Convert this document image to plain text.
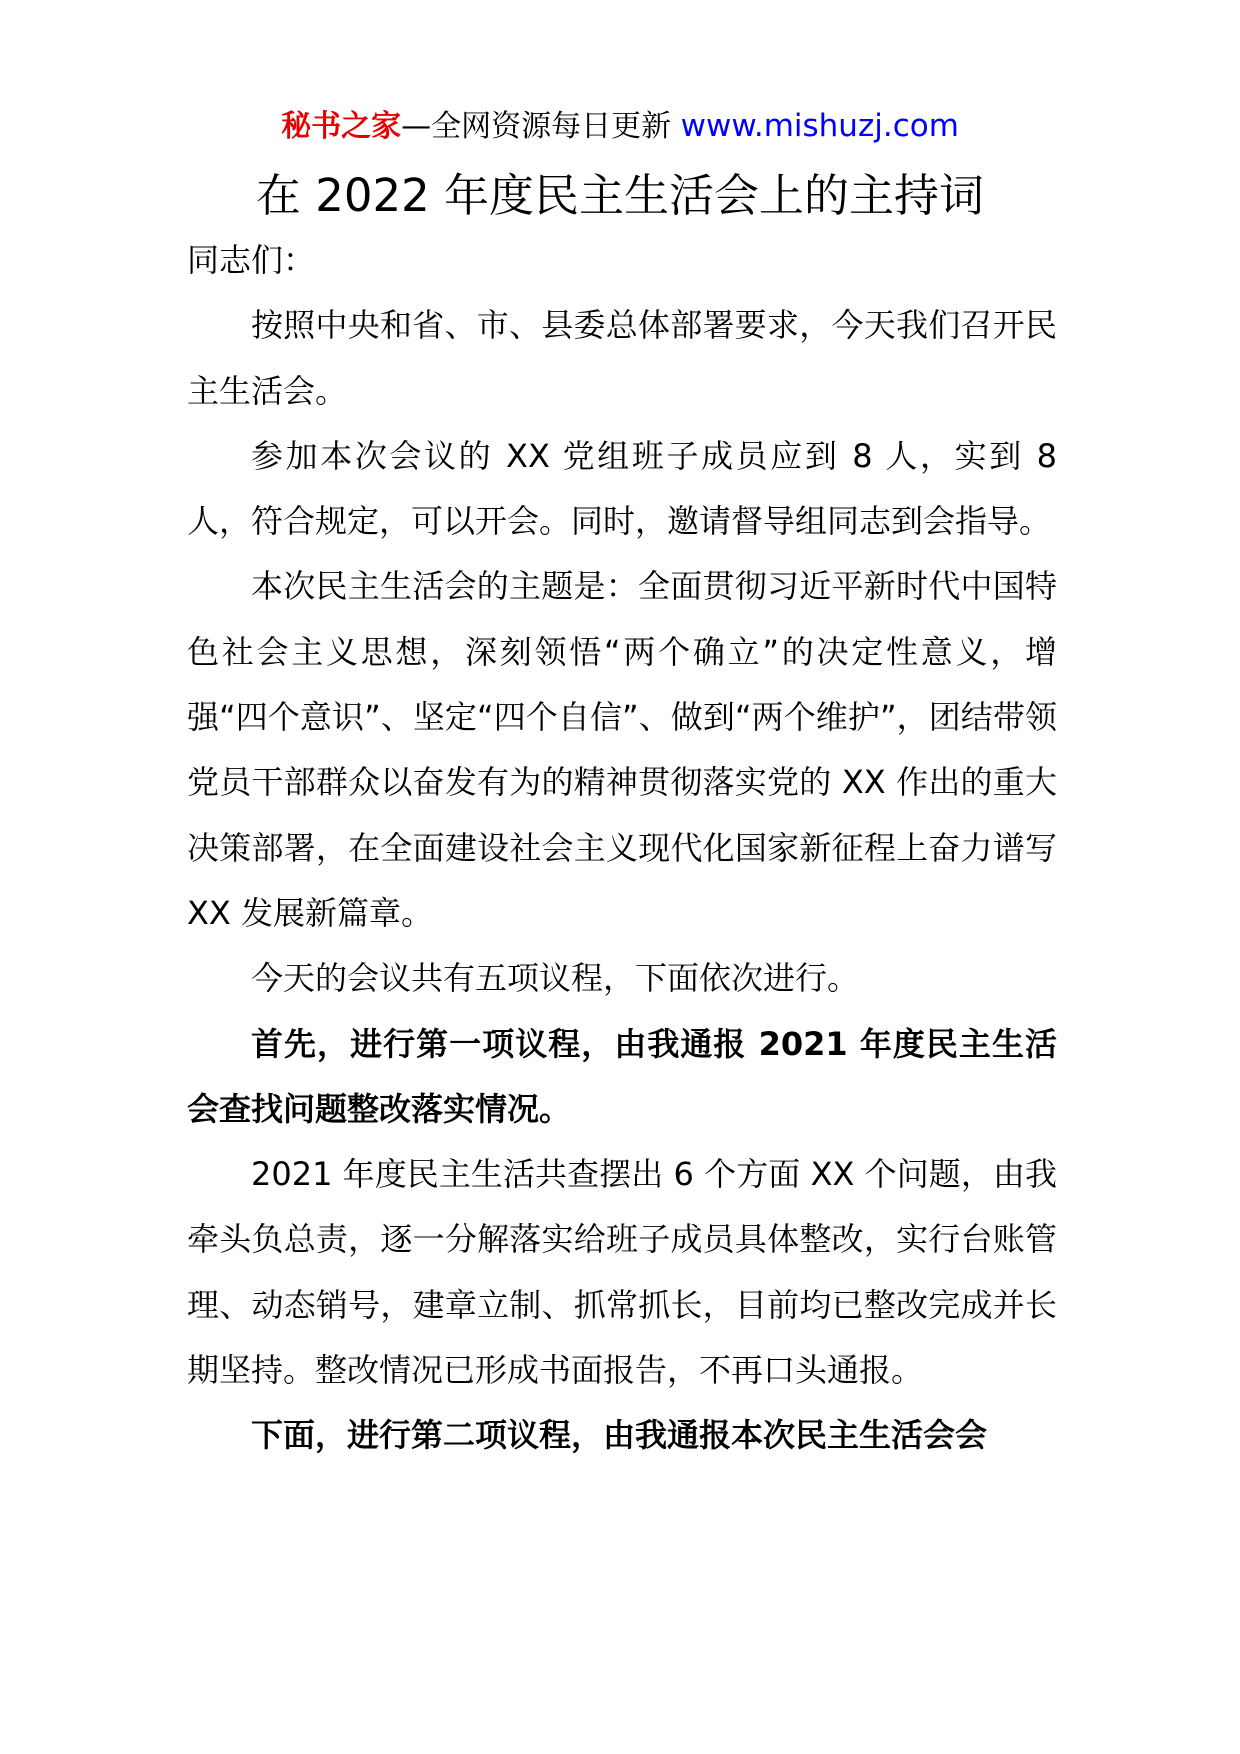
秘书之家—全网资源每日更新 www.mishuzj.com
在 2022 年度民主生活会上的主持词

同志们：

按照中央和省、市、县委总体部署要求，今天我们召开民主生活会。

参加本次会议的 XX 党组班子成员应到 8 人，实到 8 人，符合规定，可以开会。同时，邀请督导组同志到会指导。

本次民主生活会的主题是：全面贯彻习近平新时代中国特色社会主义思想，深刻领悟“两个确立”的决定性意义，增强“四个意识”、坚定“四个自信”、做到“两个维护”，团结带领党员干部群众以奋发有为的精神贯彻落实党的 XX 作出的重大决策部署，在全面建设社会主义现代化国家新征程上奋力谱写 XX 发展新篇章。

今天的会议共有五项议程，下面依次进行。

首先，进行第一项议程，由我通报 2021 年度民主生活会查找问题整改落实情况。

2021 年度民主生活共查摆出 6 个方面 XX 个问题，由我牵头负总责，逐一分解落实给班子成员具体整改，实行台账管理、动态销号，建章立制、抓常抓长，目前均已整改完成并长期坚持。整改情况已形成书面报告，不再口头通报。

下面，进行第二项议程，由我通报本次民主生活会会
